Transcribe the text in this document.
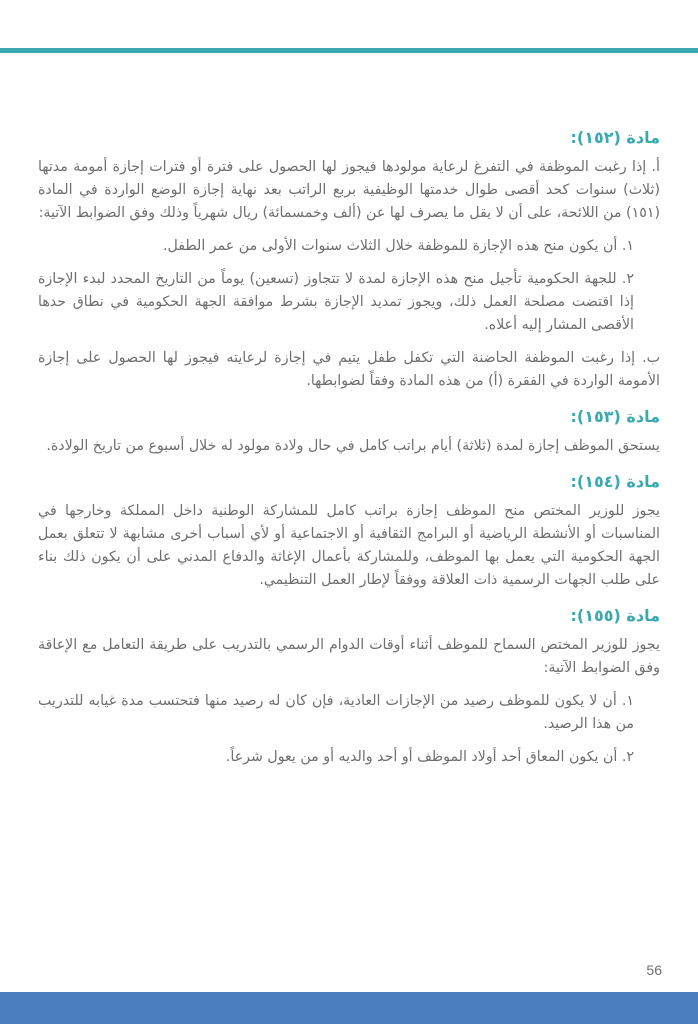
مادة (١٥٢):

أ. إذا رغبت الموظفة في التفرغ لرعاية مولودها فيجوز لها الحصول على فترة أو فترات إجازة أمومة مدتها (ثلاث) سنوات كحد أقصى طوال خدمتها الوظيفية بربع الراتب بعد نهاية إجازة الوضع الواردة في المادة (١٥١) من اللائحة، على أن لا يقل ما يصرف لها عن (ألف وخمسمائة) ريال شهرياً وذلك وفق الضوابط الآتية:

١. أن يكون منح هذه الإجازة للموظفة خلال الثلاث سنوات الأولى من عمر الطفل.

٢. للجهة الحكومية تأجيل منح هذه الإجازة لمدة لا تتجاوز (تسعين) يوماً من التاريخ المحدد لبدء الإجازة إذا اقتضت مصلحة العمل ذلك، ويجوز تمديد الإجازة بشرط موافقة الجهة الحكومية في نطاق حدها الأقصى المشار إليه أعلاه.

ب. إذا رغبت الموظفة الحاضنة التي تكفل طفل يتيم في إجازة لرعايته فيجوز لها الحصول على إجازة الأمومة الواردة في الفقرة (أ) من هذه المادة وفقاً لضوابطها.

مادة (١٥٣):

يستحق الموظف إجازة لمدة (ثلاثة) أيام براتب كامل في حال ولادة مولود له خلال أسبوع من تاريخ الولادة.

مادة (١٥٤):

يجوز للوزير المختص منح الموظف إجازة براتب كامل للمشاركة الوطنية داخل المملكة وخارجها في المناسبات أو الأنشطة الرياضية أو البرامج الثقافية أو الاجتماعية أو لأي أسباب أخرى مشابهة لا تتعلق بعمل الجهة الحكومية التي يعمل بها الموظف، وللمشاركة بأعمال الإغاثة والدفاع المدني على أن يكون ذلك بناء على طلب الجهات الرسمية ذات العلاقة ووفقاً لإطار العمل التنظيمي.

مادة (١٥٥):

يجوز للوزير المختص السماح للموظف أثناء أوقات الدوام الرسمي بالتدريب على طريقة التعامل مع الإعاقة وفق الضوابط الآتية:

١. أن لا يكون للموظف رصيد من الإجازات العادية، فإن كان له رصيد منها فتحتسب مدة غيابه للتدريب من هذا الرصيد.

٢. أن يكون المعاق أحد أولاد الموظف أو أحد والديه أو من يعول شرعاً.

56
